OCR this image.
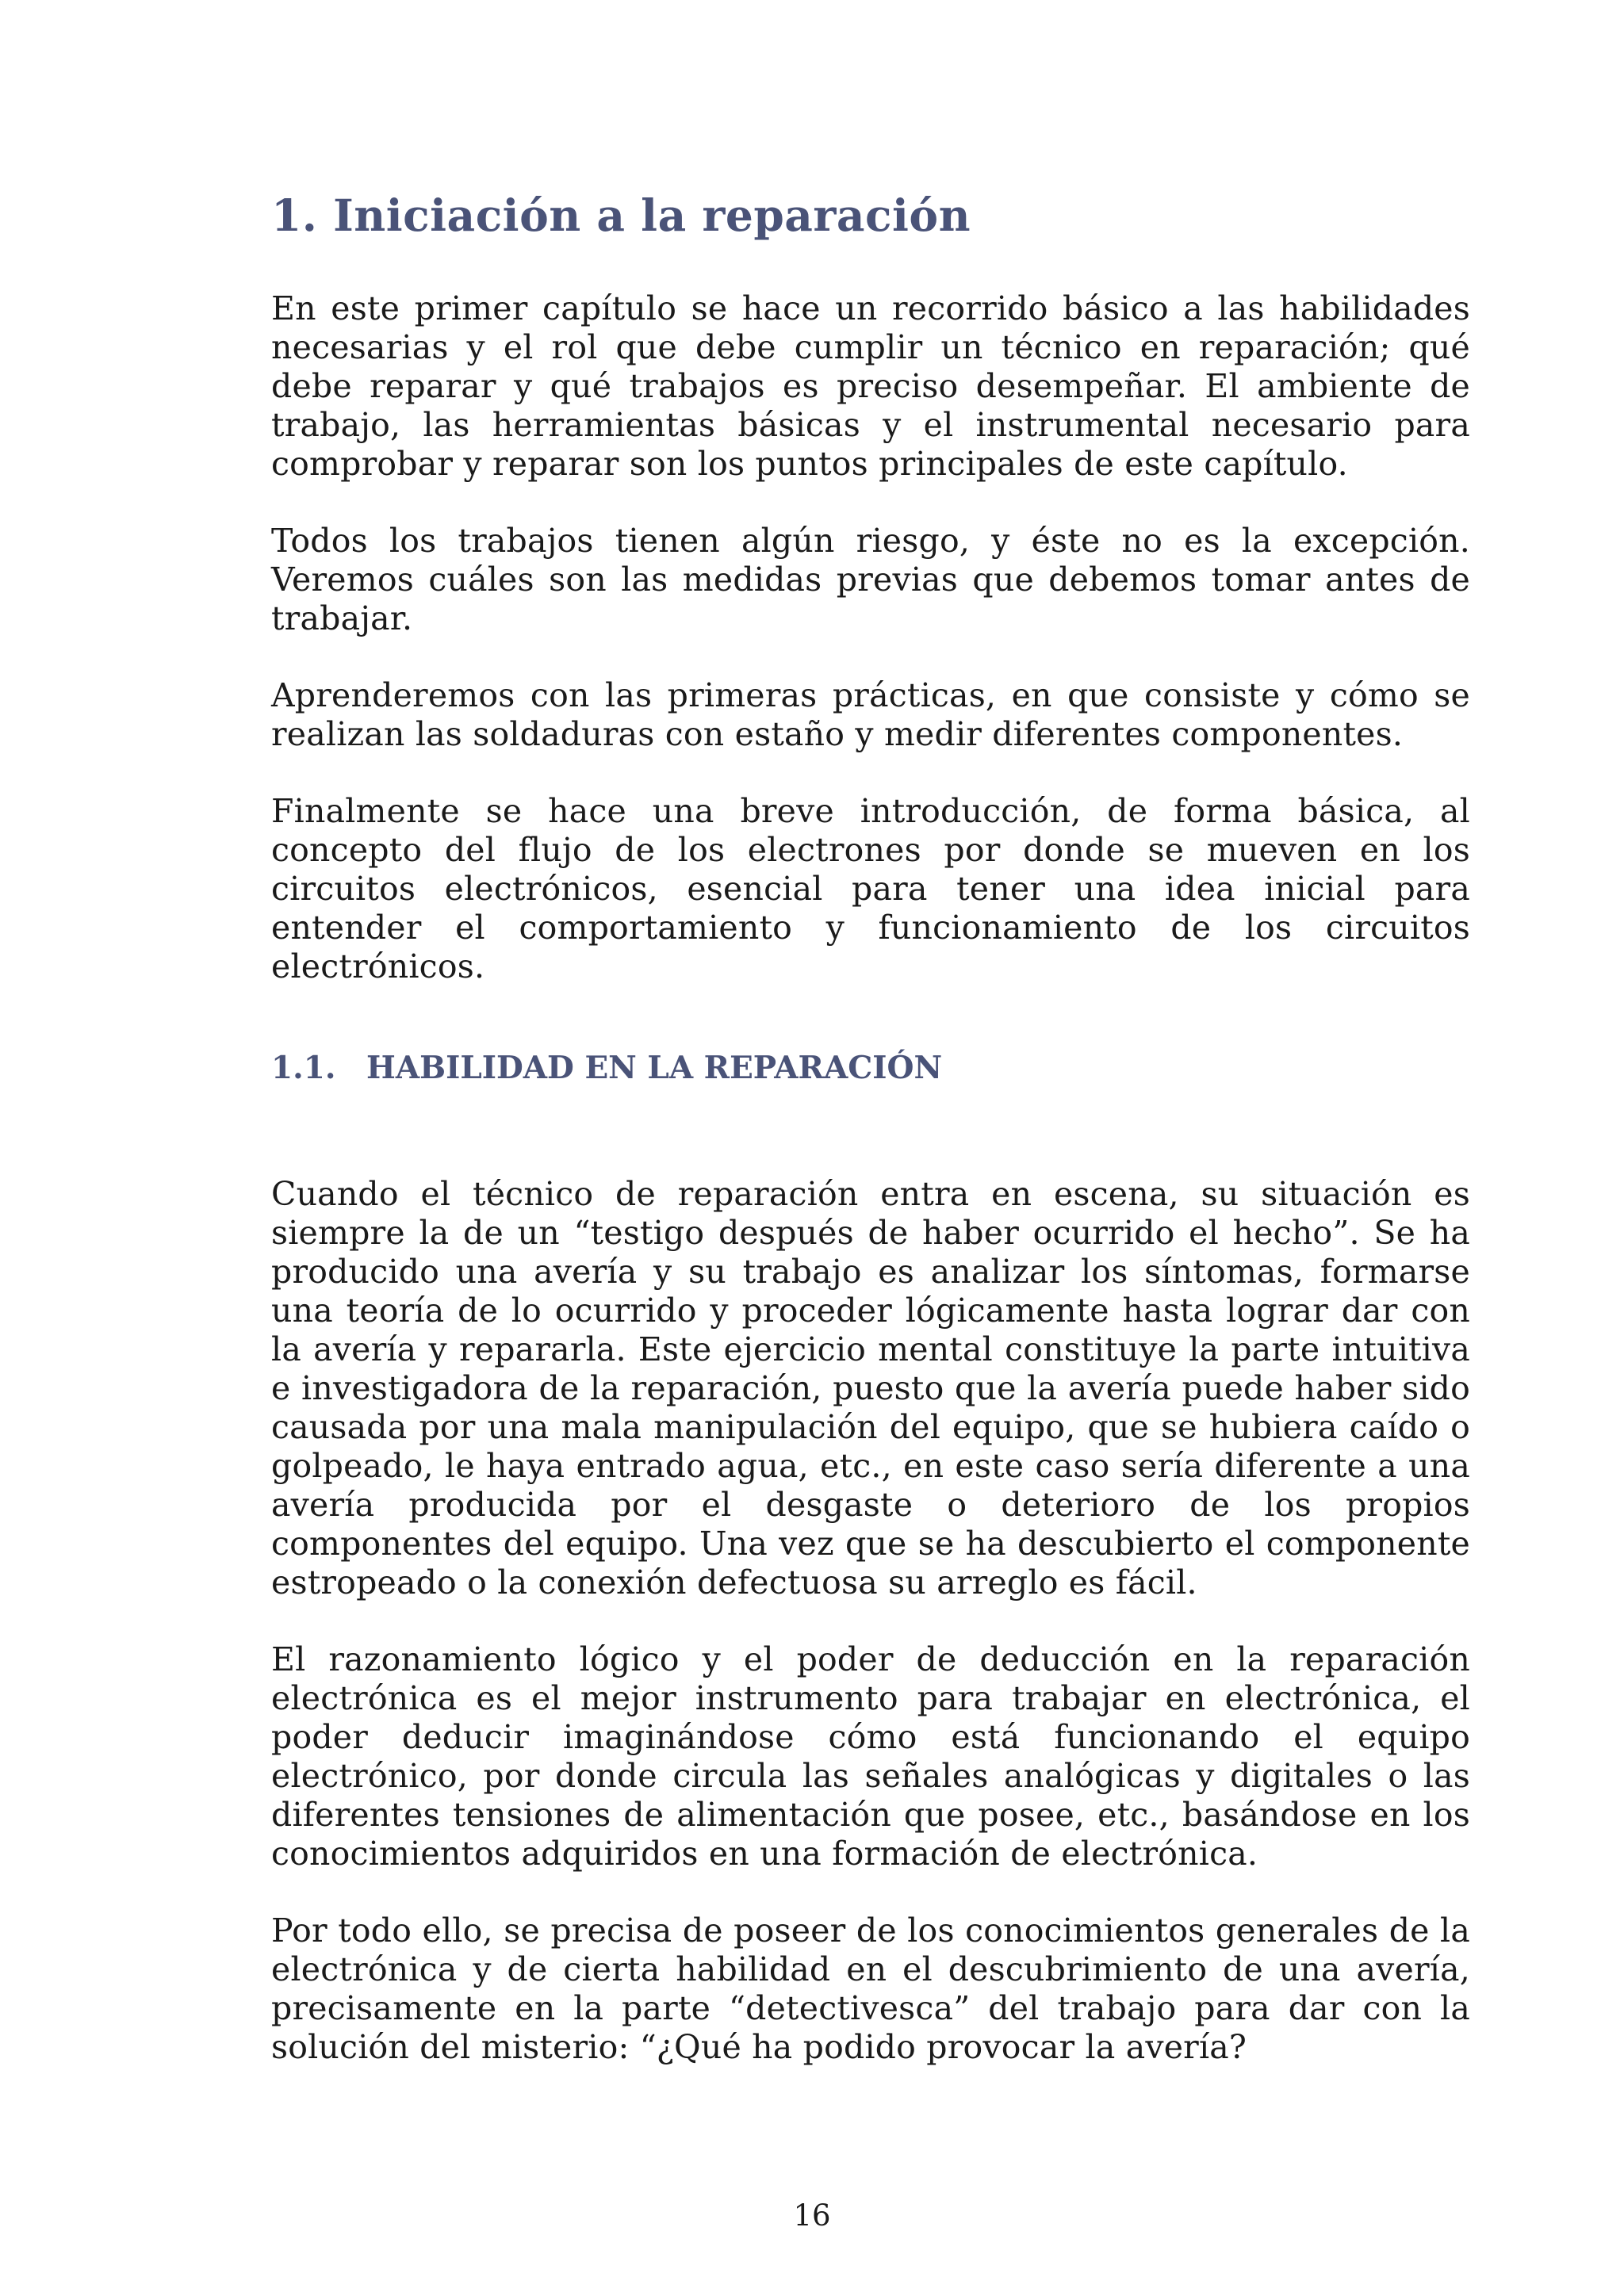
1. Iniciación a la reparación

En este primer capítulo se hace un recorrido básico a las habilidades necesarias y el rol que debe cumplir un técnico en reparación; qué debe reparar y qué trabajos es preciso desempeñar. El ambiente de trabajo, las herramientas básicas y el instrumental necesario para comprobar y reparar son los puntos principales de este capítulo.

Todos los trabajos tienen algún riesgo, y éste no es la excepción. Veremos cuáles son las medidas previas que debemos tomar antes de trabajar.

Aprenderemos con las primeras prácticas, en que consiste y cómo se realizan las soldaduras con estaño y medir diferentes componentes.

Finalmente se hace una breve introducción, de forma básica, al concepto del flujo de los electrones por donde se mueven en los circuitos electrónicos, esencial para tener una idea inicial para entender el comportamiento y funcionamiento de los circuitos electrónicos.

1.1. HABILIDAD EN LA REPARACIÓN

Cuando el técnico de reparación entra en escena, su situación es siempre la de un “testigo después de haber ocurrido el hecho”. Se ha producido una avería y su trabajo es analizar los síntomas, formarse una teoría de lo ocurrido y proceder lógicamente hasta lograr dar con la avería y repararla. Este ejercicio mental constituye la parte intuitiva e investigadora de la reparación, puesto que la avería puede haber sido causada por una mala manipulación del equipo, que se hubiera caído o golpeado, le haya entrado agua, etc., en este caso sería diferente a una avería producida por el desgaste o deterioro de los propios componentes del equipo. Una vez que se ha descubierto el componente estropeado o la conexión defectuosa su arreglo es fácil.

El razonamiento lógico y el poder de deducción en la reparación electrónica es el mejor instrumento para trabajar en electrónica, el poder deducir imaginándose cómo está funcionando el equipo electrónico, por donde circula las señales analógicas y digitales o las diferentes tensiones de alimentación que posee, etc., basándose en los conocimientos adquiridos en una formación de electrónica.

Por todo ello, se precisa de poseer de los conocimientos generales de la electrónica y de cierta habilidad en el descubrimiento de una avería, precisamente en la parte “detectivesca” del trabajo para dar con la solución del misterio: “¿Qué ha podido provocar la avería?

16
